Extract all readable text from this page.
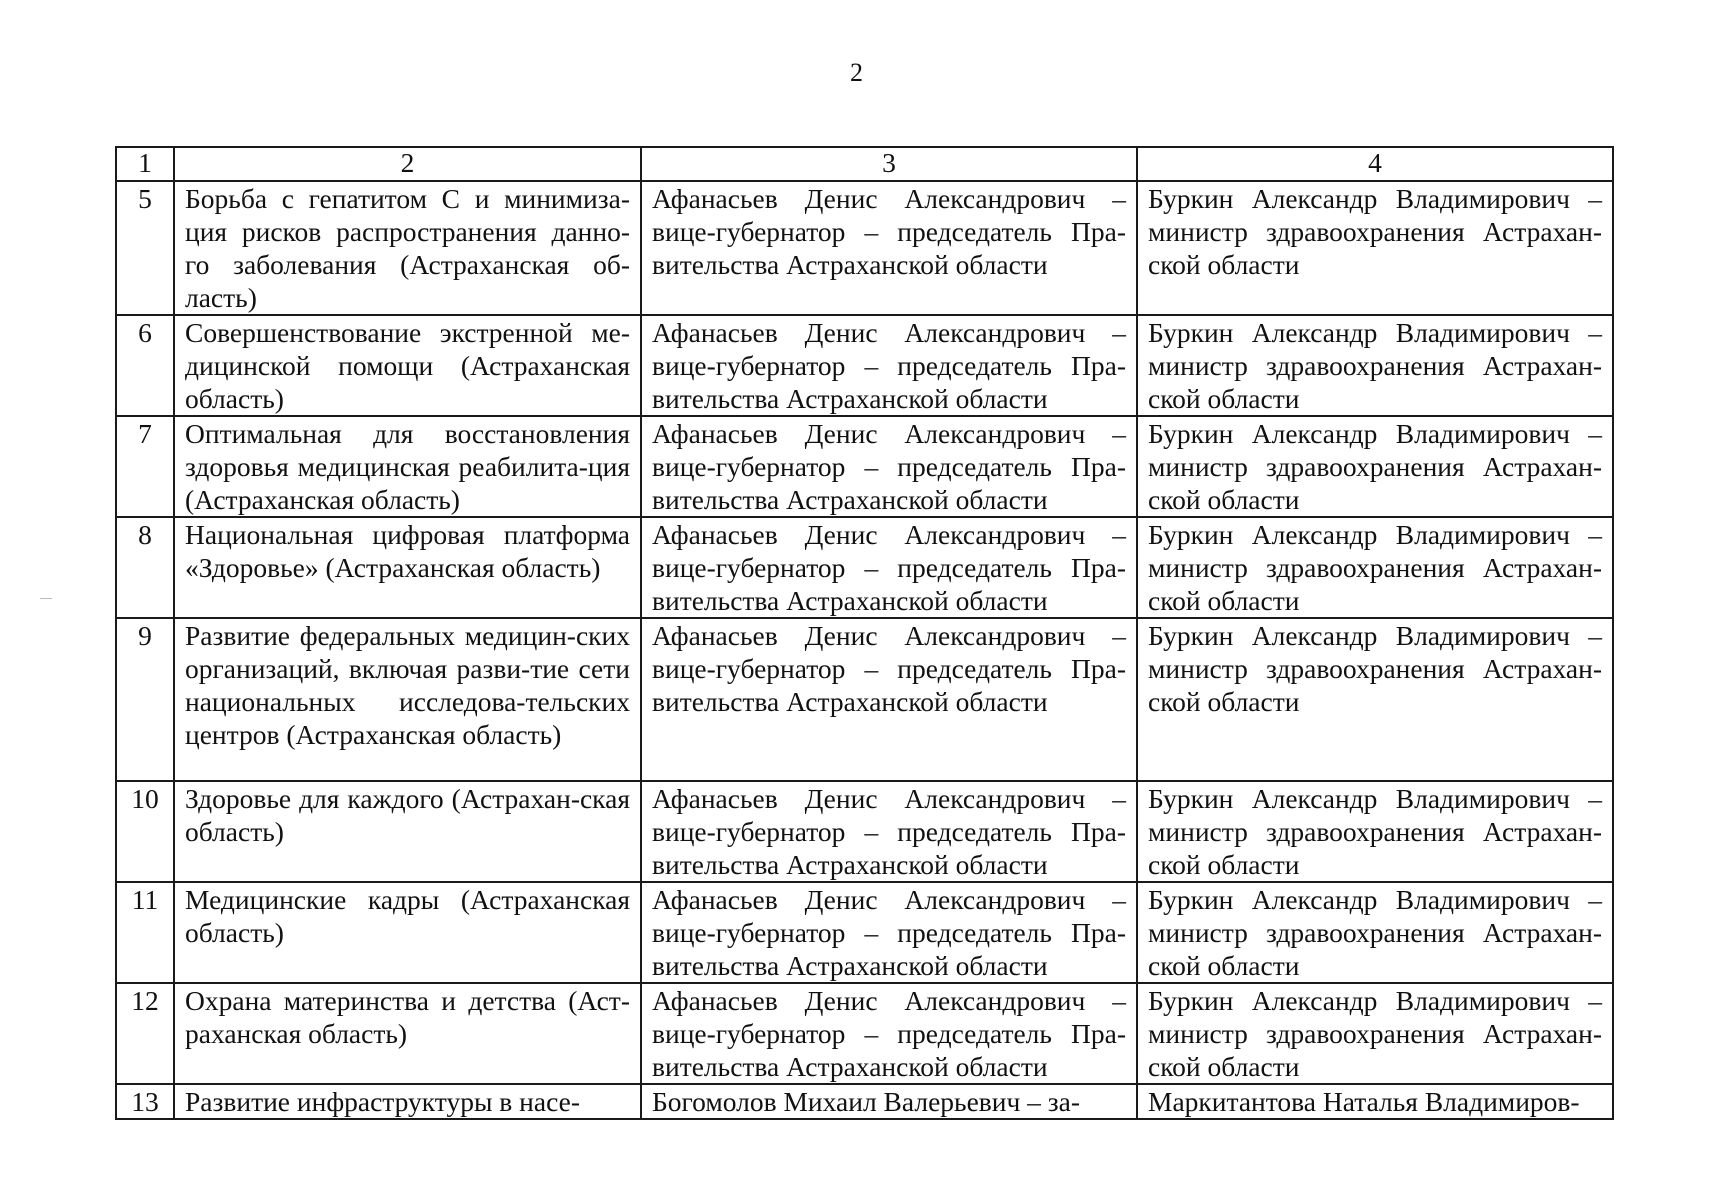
2
1	2	3	4
5	Борьба с гепатитом С и минимиза-ция рисков распространения данно-го заболевания (Астраханская об-ласть)	Афанасьев Денис Александрович – вице-губернатор – председатель Пра-вительства Астраханской области	Буркин Александр Владимирович – министр здравоохранения Астрахан-ской области
6	Совершенствование экстренной ме-дицинской помощи (Астраханская область)	Афанасьев Денис Александрович – вице-губернатор – председатель Пра-вительства Астраханской области	Буркин Александр Владимирович – министр здравоохранения Астрахан-ской области
7	Оптимальная для восстановления здоровья медицинская реабилита-ция (Астраханская область)	Афанасьев Денис Александрович – вице-губернатор – председатель Пра-вительства Астраханской области	Буркин Александр Владимирович – министр здравоохранения Астрахан-ской области
8	Национальная цифровая платформа «Здоровье» (Астраханская область)	Афанасьев Денис Александрович – вице-губернатор – председатель Пра-вительства Астраханской области	Буркин Александр Владимирович – министр здравоохранения Астрахан-ской области
9	Развитие федеральных медицин-ских организаций, включая разви-тие сети национальных исследова-тельских центров (Астраханская область)	Афанасьев Денис Александрович – вице-губернатор – председатель Пра-вительства Астраханской области	Буркин Александр Владимирович – министр здравоохранения Астрахан-ской области
10	Здоровье для каждого (Астрахан-ская область)	Афанасьев Денис Александрович – вице-губернатор – председатель Пра-вительства Астраханской области	Буркин Александр Владимирович – министр здравоохранения Астрахан-ской области
11	Медицинские кадры (Астраханская область)	Афанасьев Денис Александрович – вице-губернатор – председатель Пра-вительства Астраханской области	Буркин Александр Владимирович – министр здравоохранения Астрахан-ской области
12	Охрана материнства и детства (Аст-раханская область)	Афанасьев Денис Александрович – вице-губернатор – председатель Пра-вительства Астраханской области	Буркин Александр Владимирович – министр здравоохранения Астрахан-ской области
13	Развитие инфраструктуры в насе-	Богомолов Михаил Валерьевич – за-	Маркитантова Наталья Владимиров-
